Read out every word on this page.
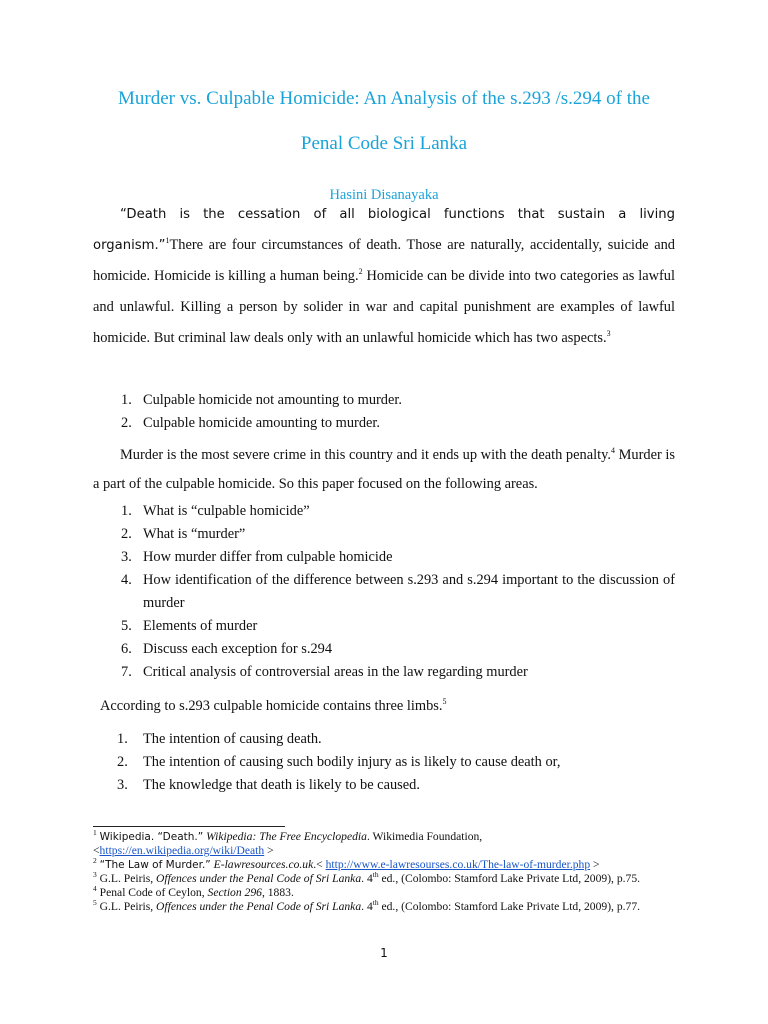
Murder vs. Culpable Homicide: An Analysis of the s.293 /s.294 of the
Penal Code Sri Lanka

Hasini Disanayaka

“Death is the cessation of all biological functions that sustain a living organism.”$^1$There are four circumstances of death. Those are naturally, accidentally, suicide and homicide. Homicide is killing a human being.$^2$ Homicide can be divide into two categories as lawful and unlawful. Killing a person by solider in war and capital punishment are examples of lawful homicide. But criminal law deals only with an unlawful homicide which has two aspects.$^3$

1. Culpable homicide not amounting to murder.
2. Culpable homicide amounting to murder.

Murder is the most severe crime in this country and it ends up with the death penalty.$^4$ Murder is a part of the culpable homicide. So this paper focused on the following areas.

1. What is “culpable homicide”
2. What is “murder”
3. How murder differ from culpable homicide
4. How identification of the difference between s.293 and s.294 important to the discussion of murder
5. Elements of murder
6. Discuss each exception for s.294
7. Critical analysis of controversial areas in the law regarding murder

According to s.293 culpable homicide contains three limbs.$^5$

1. The intention of causing death.
2. The intention of causing such bodily injury as is likely to cause death or,
3. The knowledge that death is likely to be caused.

$^1$ Wikipedia. “Death.” Wikipedia: The Free Encyclopedia. Wikimedia Foundation,
<https://en.wikipedia.org/wiki/Death >

$^2$ “The Law of Murder.” E-lawresources.co.uk.< http://www.e-lawresourses.co.uk/The-law-of-murder.php >

$^3$ G.L. Peiris, Offences under the Penal Code of Sri Lanka. 4th ed., (Colombo: Stamford Lake Private Ltd, 2009), p.75.

$^4$ Penal Code of Ceylon, Section 296, 1883.

$^5$ G.L. Peiris, Offences under the Penal Code of Sri Lanka. 4th ed., (Colombo: Stamford Lake Private Ltd, 2009), p.77.

1
